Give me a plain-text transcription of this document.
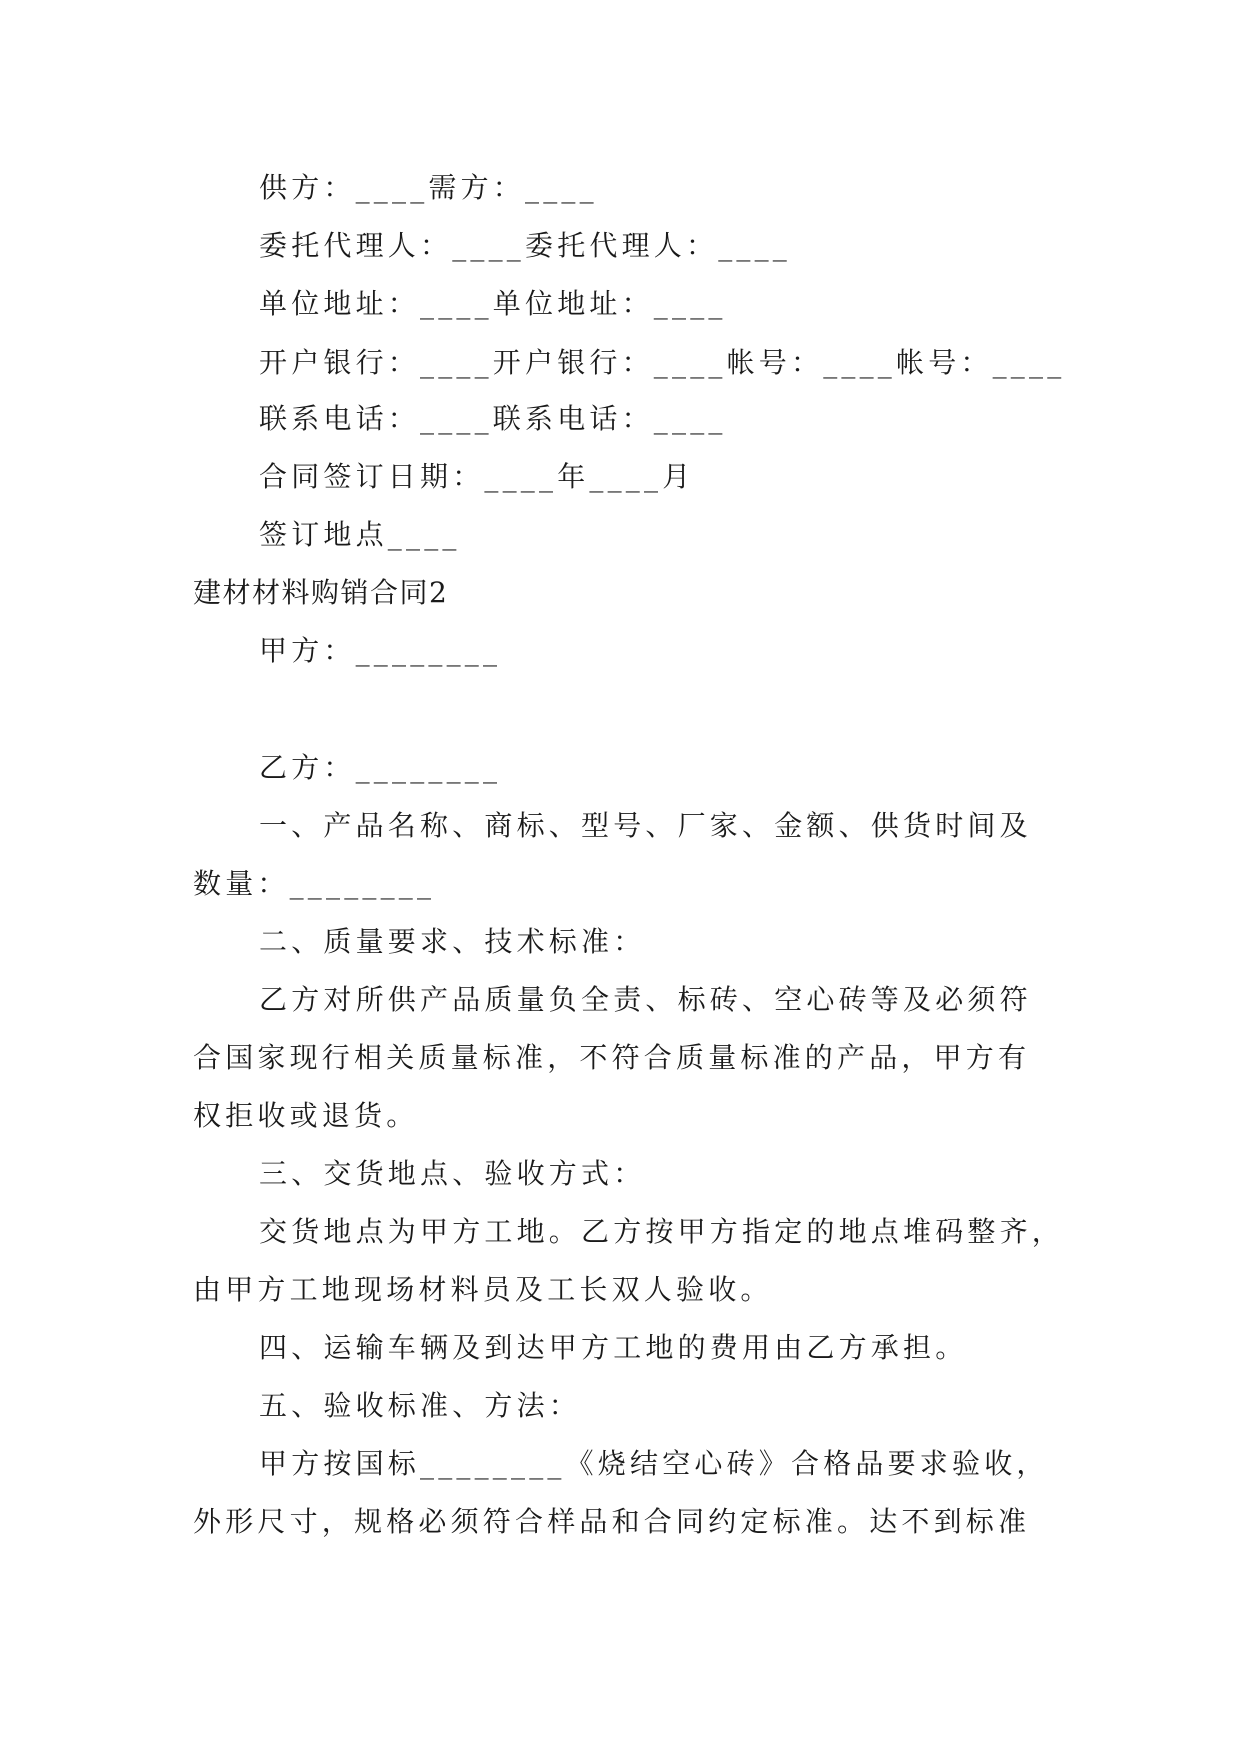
供方：____需方：____
委托代理人：____委托代理人：____
单位地址：____单位地址：____
开户银行：____开户银行：____帐号：____帐号：____
联系电话：____联系电话：____
合同签订日期：____年____月
签订地点____
建材材料购销合同2
甲方：________
乙方：________
一、产品名称、商标、型号、厂家、金额、供货时间及
数量：________
二、质量要求、技术标准：
乙方对所供产品质量负全责、标砖、空心砖等及必须符
合国家现行相关质量标准，不符合质量标准的产品，甲方有
权拒收或退货。
三、交货地点、验收方式：
交货地点为甲方工地。乙方按甲方指定的地点堆码整齐，
由甲方工地现场材料员及工长双人验收。
四、运输车辆及到达甲方工地的费用由乙方承担。
五、验收标准、方法：
甲方按国标________《烧结空心砖》合格品要求验收，
外形尺寸，规格必须符合样品和合同约定标准。达不到标准
